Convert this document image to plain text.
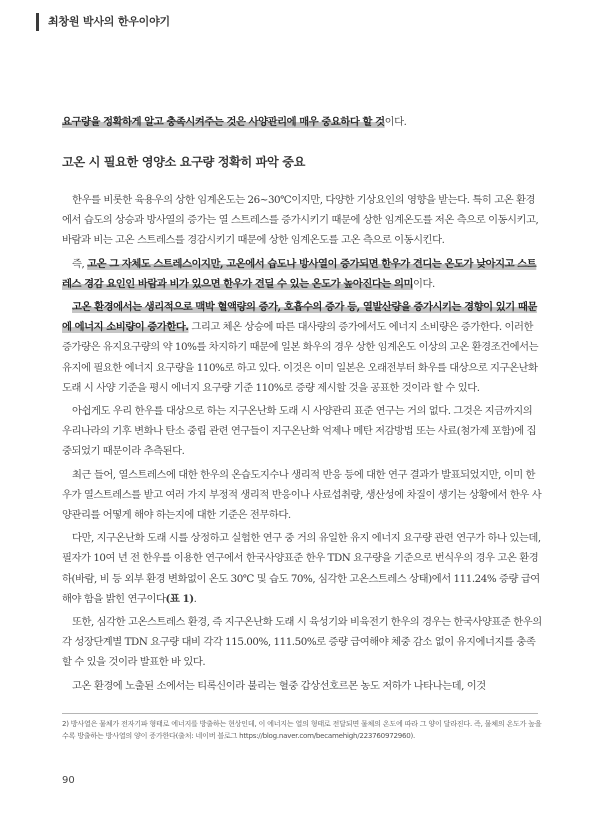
최창원 박사의 한우이야기
요구량을 정확하게 알고 충족시켜주는 것은 사양관리에 매우 중요하다 할 것이다.
고온 시 필요한 영양소 요구량 정확히 파악 중요

한우를 비롯한 육용우의 상한 임계온도는 26~30℃이지만, 다양한 기상요인의 영향을 받는다. 특히 고온 환경에서 습도의 상승과 방사열의 증가는 열 스트레스를 증가시키기 때문에 상한 임계온도를 저온 측으로 이동시키고, 바람과 비는 고온 스트레스를 경감시키기 때문에 상한 임계온도를 고온 측으로 이동시킨다.

즉, 고온 그 자체도 스트레스이지만, 고온에서 습도나 방사열이 증가되면 한우가 견디는 온도가 낮아지고 스트레스 경감 요인인 바람과 비가 있으면 한우가 견딜 수 있는 온도가 높아진다는 의미이다.

고온 환경에서는 생리적으로 맥박 혈액량의 증가, 호흡수의 증가 등, 열발산량을 증가시키는 경향이 있기 때문에 에너지 소비량이 증가한다. 그리고 체온 상승에 따른 대사량의 증가에서도 에너지 소비량은 증가한다. 이러한 증가량은 유지요구량의 약 10%를 차지하기 때문에 일본 화우의 경우 상한 임계온도 이상의 고온 환경조건에서는 유지에 필요한 에너지 요구량을 110%로 하고 있다. 이것은 이미 일본은 오래전부터 화우를 대상으로 지구온난화 도래 시 사양 기준을 평시 에너지 요구량 기준 110%로 증량 제시할 것을 공표한 것이라 할 수 있다.

아쉽게도 우리 한우를 대상으로 하는 지구온난화 도래 시 사양관리 표준 연구는 거의 없다. 그것은 지금까지의 우리나라의 기후 변화나 탄소 중립 관련 연구들이 지구온난화 억제나 메탄 저감방법 또는 사료(첨가제 포함)에 집중되었기 때문이라 추측된다.

최근 들어, 열스트레스에 대한 한우의 온습도지수나 생리적 반응 등에 대한 연구 결과가 발표되었지만, 이미 한우가 열스트레스를 받고 여러 가지 부정적 생리적 반응이나 사료섭취량, 생산성에 차질이 생기는 상황에서 한우 사양관리를 어떻게 해야 하는지에 대한 기준은 전무하다.

다만, 지구온난화 도래 시를 상정하고 실험한 연구 중 거의 유일한 유지 에너지 요구량 관련 연구가 하나 있는데, 필자가 10여 년 전 한우를 이용한 연구에서 한국사양표준 한우 TDN 요구량을 기준으로 번식우의 경우 고온 환경 하(바람, 비 등 외부 환경 변화없이 온도 30℃ 및 습도 70%, 심각한 고온스트레스 상태)에서 111.24% 증량 급여해야 함을 밝힌 연구이다(표 1).

또한, 심각한 고온스트레스 환경, 즉 지구온난화 도래 시 육성기와 비육전기 한우의 경우는 한국사양표준 한우의 각 성장단계별 TDN 요구량 대비 각각 115.00%, 111.50%로 증량 급여해야 체중 감소 없이 유지에너지를 충족할 수 있을 것이라 발표한 바 있다.

고온 환경에 노출된 소에서는 티록신이라 불리는 혈중 갑상선호르몬 농도 저하가 나타나는데, 이것

2) 방사열은 물체가 전자기파 형태로 에너지를 방출하는 현상인데, 이 에너지는 열의 형태로 전달되면 물체의 온도에 따라 그 양이 달라진다. 즉, 물체의 온도가 높을수록 방출하는 방사열의 양이 증가한다(출처: 네이버 블로그 https://blog.naver.com/becamehigh/223760972960).
90
